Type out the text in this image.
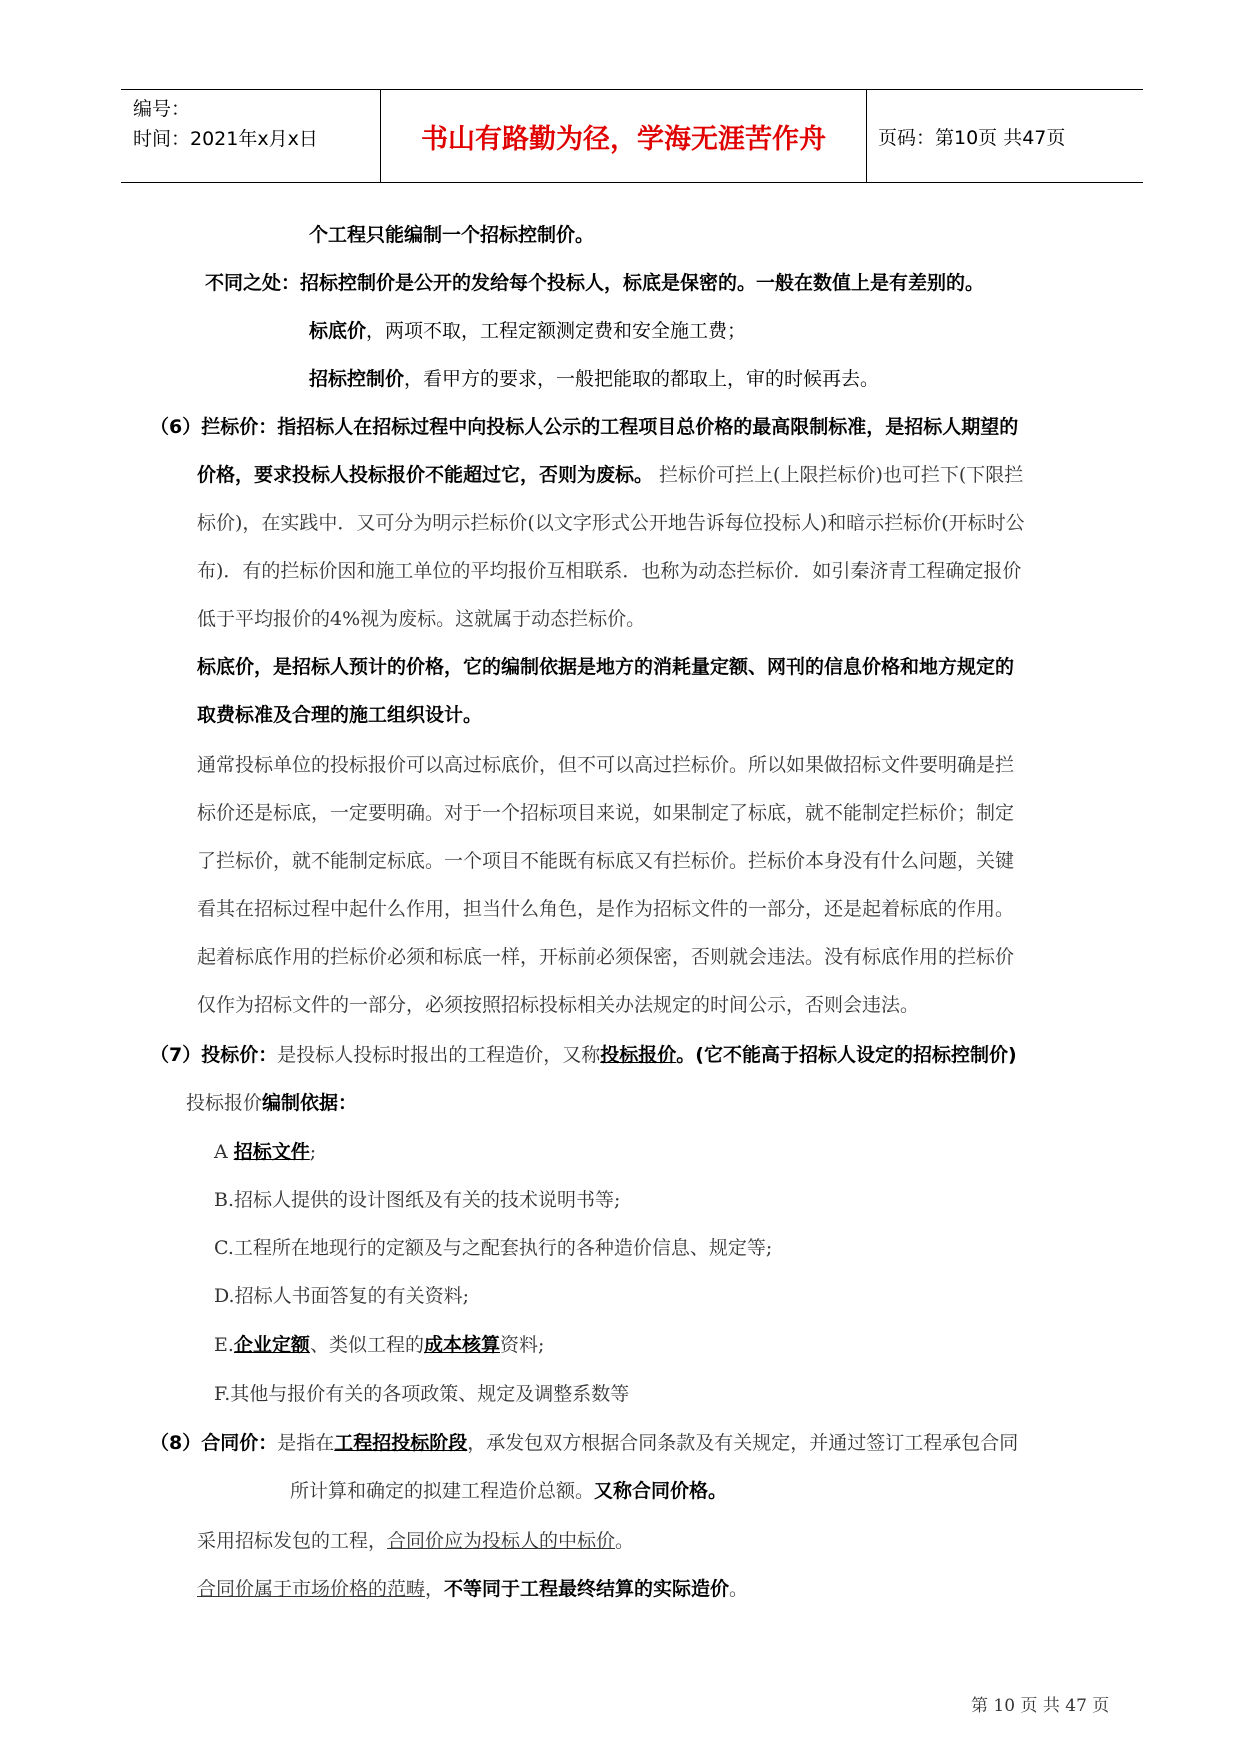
编号：
时间：2021年x月x日	书山有路勤为径，学海无涯苦作舟	页码：第10页 共47页
个工程只能编制一个招标控制价。
不同之处：招标控制价是公开的发给每个投标人，标底是保密的。一般在数值上是有差别的。
标底价，两项不取，工程定额测定费和安全施工费；
招标控制价，看甲方的要求，一般把能取的都取上，审的时候再去。
（6）拦标价：指招标人在招标过程中向投标人公示的工程项目总价格的最高限制标准，是招标人期望的
价格，要求投标人投标报价不能超过它，否则为废标。 拦标价可拦上(上限拦标价)也可拦下(下限拦
标价)，在实践中．又可分为明示拦标价(以文字形式公开地告诉每位投标人)和暗示拦标价(开标时公
布)．有的拦标价因和施工单位的平均报价互相联系．也称为动态拦标价．如引秦济青工程确定报价
低于平均报价的4%视为废标。这就属于动态拦标价。
标底价，是招标人预计的价格，它的编制依据是地方的消耗量定额、网刊的信息价格和地方规定的
取费标准及合理的施工组织设计。
通常投标单位的投标报价可以高过标底价，但不可以高过拦标价。所以如果做招标文件要明确是拦
标价还是标底，一定要明确。对于一个招标项目来说，如果制定了标底，就不能制定拦标价；制定
了拦标价，就不能制定标底。一个项目不能既有标底又有拦标价。拦标价本身没有什么问题，关键
看其在招标过程中起什么作用，担当什么角色，是作为招标文件的一部分，还是起着标底的作用。
起着标底作用的拦标价必须和标底一样，开标前必须保密，否则就会违法。没有标底作用的拦标价
仅作为招标文件的一部分，必须按照招标投标相关办法规定的时间公示，否则会违法。
（7）投标价：是投标人投标时报出的工程造价，又称投标报价。(它不能高于招标人设定的招标控制价)
投标报价编制依据：
A 招标文件;
B.招标人提供的设计图纸及有关的技术说明书等;
C.工程所在地现行的定额及与之配套执行的各种造价信息、规定等;
D.招标人书面答复的有关资料;
E.企业定额、类似工程的成本核算资料;
F.其他与报价有关的各项政策、规定及调整系数等
（8）合同价：是指在工程招投标阶段，承发包双方根据合同条款及有关规定，并通过签订工程承包合同
所计算和确定的拟建工程造价总额。又称合同价格。
采用招标发包的工程，合同价应为投标人的中标价。
合同价属于市场价格的范畴，不等同于工程最终结算的实际造价。
第 10 页 共 47 页
